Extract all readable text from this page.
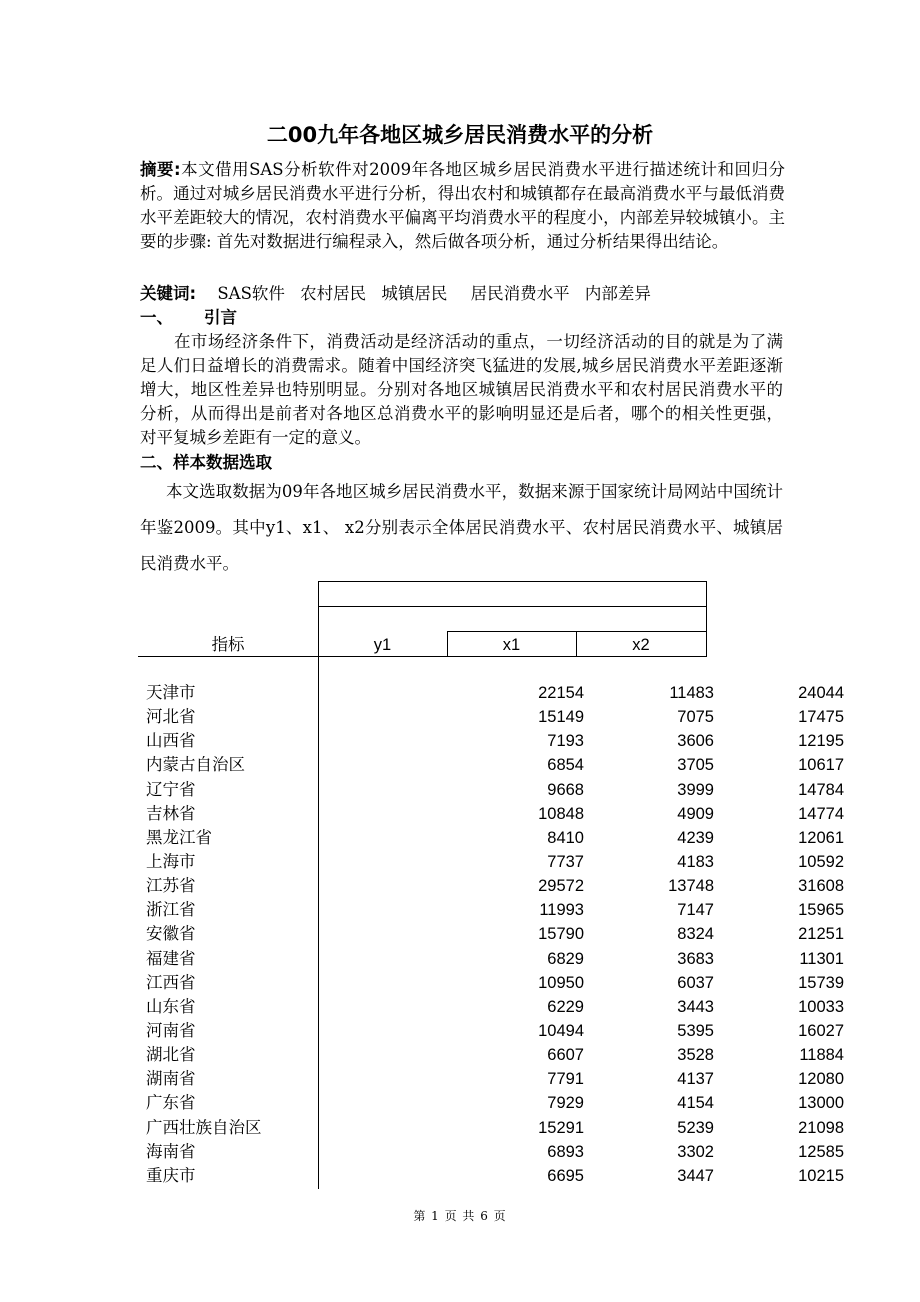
二00九年各地区城乡居民消费水平的分析
摘要:本文借用SAS分析软件对2009年各地区城乡居民消费水平进行描述统计和回归分析。通过对城乡居民消费水平进行分析，得出农村和城镇都存在最高消费水平与最低消费水平差距较大的情况，农村消费水平偏离平均消费水平的程度小，内部差异较城镇小。主要的步骤: 首先对数据进行编程录入，然后做各项分析，通过分析结果得出结论。
关键词: SAS软件 农村居民 城镇居民 居民消费水平 内部差异
一、 引言
在市场经济条件下，消费活动是经济活动的重点，一切经济活动的目的就是为了满足人们日益增长的消费需求。随着中国经济突飞猛进的发展,城乡居民消费水平差距逐渐增大，地区性差异也特别明显。分别对各地区城镇居民消费水平和农村居民消费水平的分析，从而得出是前者对各地区总消费水平的影响明显还是后者，哪个的相关性更强，对平复城乡差距有一定的意义。
二、样本数据选取
本文选取数据为09年各地区城乡居民消费水平，数据来源于国家统计局网站中国统计年鉴2009。其中y1、x1、 x2分别表示全体居民消费水平、农村居民消费水平、城镇居民消费水平。
指标	y1	x1	x2
天津市	22154	11483	24044
河北省	15149	7075	17475
山西省	7193	3606	12195
内蒙古自治区	6854	3705	10617
辽宁省	9668	3999	14784
吉林省	10848	4909	14774
黑龙江省	8410	4239	12061
上海市	7737	4183	10592
江苏省	29572	13748	31608
浙江省	11993	7147	15965
安徽省	15790	8324	21251
福建省	6829	3683	11301
江西省	10950	6037	15739
山东省	6229	3443	10033
河南省	10494	5395	16027
湖北省	6607	3528	11884
湖南省	7791	4137	12080
广东省	7929	4154	13000
广西壮族自治区	15291	5239	21098
海南省	6893	3302	12585
重庆市	6695	3447	10215
第 1 页 共 6 页
